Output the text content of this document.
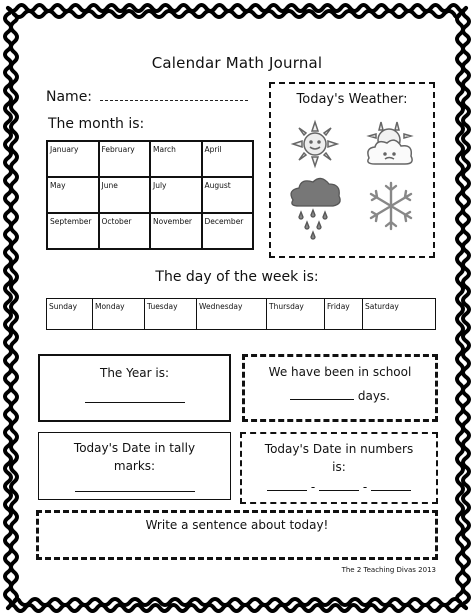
Calendar Math Journal
Name:
The month is:
January	February	March	April
May	June	July	August
September	October	November	December
Today's Weather:
The day of the week is:
Sunday	Monday	Tuesday	Wednesday	Thursday	Friday	Saturday
The Year is:	We have been in school
days.
Today's Date in tally
marks:
Today's Date in numbers
is:
-	-
Write a sentence about today!
The 2 Teaching Divas 2013
